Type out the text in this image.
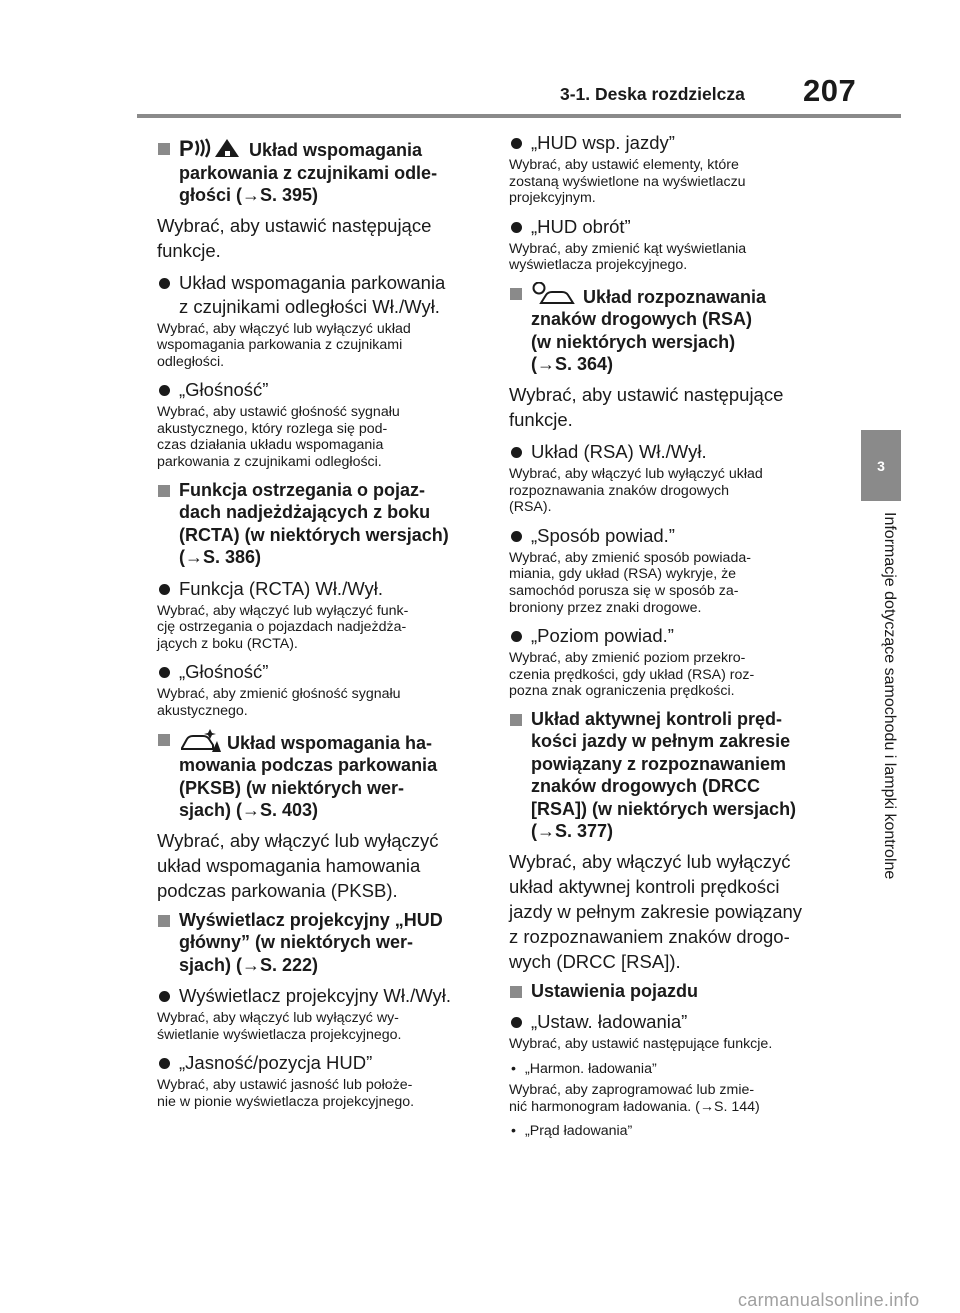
3-1. Deska rozdzielcza 207
3
Informacje dotyczące samochodu i lampki kontrolne
P	Układ wspomagania
parkowania z czujnikami odle-
głości (→S. 395)
Wybrać, aby ustawić następujące
funkcje.
Układ wspomagania parkowania
z czujnikami odległości Wł./Wył.
Wybrać, aby włączyć lub wyłączyć układ
wspomagania parkowania z czujnikami
odległości.
„Głośność”
Wybrać, aby ustawić głośność sygnału
akustycznego, który rozlega się pod-
czas działania układu wspomagania
parkowania z czujnikami odległości.
Funkcja ostrzegania o pojaz-
dach nadjeżdżających z boku
(RCTA) (w niektórych wersjach)
(→S. 386)
Funkcja (RCTA) Wł./Wył.
Wybrać, aby włączyć lub wyłączyć funk-
cję ostrzegania o pojazdach nadjeżdża-
jących z boku (RCTA).
„Głośność”
Wybrać, aby zmienić głośność sygnału
akustycznego.
Układ wspomagania ha-
mowania podczas parkowania
(PKSB) (w niektórych wer-
sjach) (→S. 403)
Wybrać, aby włączyć lub wyłączyć
układ wspomagania hamowania
podczas parkowania (PKSB).
Wyświetlacz projekcyjny „HUD
główny” (w niektórych wer-
sjach) (→S. 222)
Wyświetlacz projekcyjny Wł./Wył.
Wybrać, aby włączyć lub wyłączyć wy-
świetlanie wyświetlacza projekcyjnego.
„Jasność/pozycja HUD”
Wybrać, aby ustawić jasność lub położe-
nie w pionie wyświetlacza projekcyjnego.
„HUD wsp. jazdy”
Wybrać, aby ustawić elementy, które
zostaną wyświetlone na wyświetlaczu
projekcyjnym.
„HUD obrót”
Wybrać, aby zmienić kąt wyświetlania
wyświetlacza projekcyjnego.
Układ rozpoznawania
znaków drogowych (RSA)
(w niektórych wersjach)
(→S. 364)
Wybrać, aby ustawić następujące
funkcje.
Układ (RSA) Wł./Wył.
Wybrać, aby włączyć lub wyłączyć układ
rozpoznawania znaków drogowych
(RSA).
„Sposób powiad.”
Wybrać, aby zmienić sposób powiada-
miania, gdy układ (RSA) wykryje, że
samochód porusza się w sposób za-
broniony przez znaki drogowe.
„Poziom powiad.”
Wybrać, aby zmienić poziom przekro-
czenia prędkości, gdy układ (RSA) roz-
pozna znak ograniczenia prędkości.
Układ aktywnej kontroli pręd-
kości jazdy w pełnym zakresie
powiązany z rozpoznawaniem
znaków drogowych (DRCC
[RSA]) (w niektórych wersjach)
(→S. 377)
Wybrać, aby włączyć lub wyłączyć
układ aktywnej kontroli prędkości
jazdy w pełnym zakresie powiązany
z rozpoznawaniem znaków drogo-
wych (DRCC [RSA]).
Ustawienia pojazdu
„Ustaw. ładowania”
Wybrać, aby ustawić następujące funkcje.
• „Harmon. ładowania”
Wybrać, aby zaprogramować lub zmie-
nić harmonogram ładowania. (→S. 144)
• „Prąd ładowania”
carmanualsonline.info
